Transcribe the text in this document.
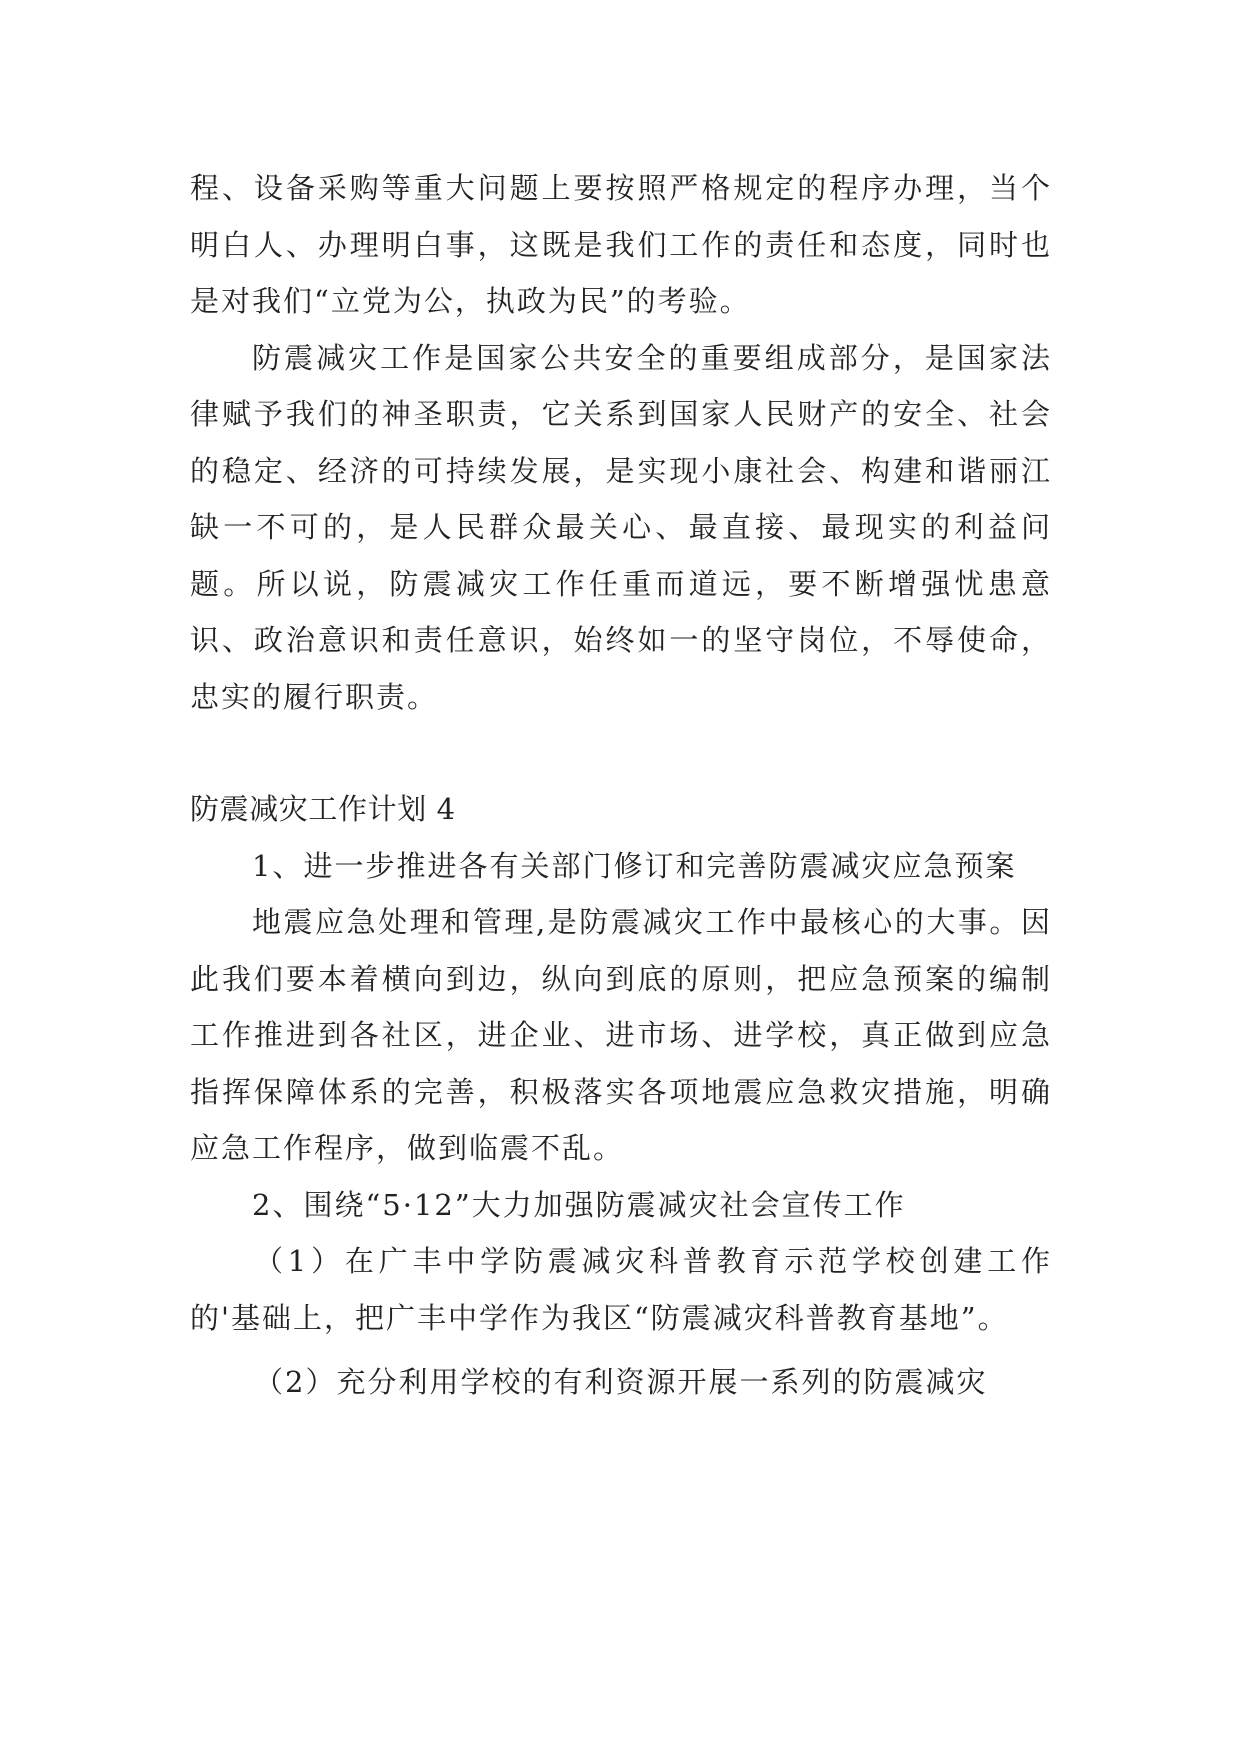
程、设备采购等重大问题上要按照严格规定的程序办理，当个明白人、办理明白事，这既是我们工作的责任和态度，同时也是对我们“立党为公，执政为民”的考验。

防震减灾工作是国家公共安全的重要组成部分，是国家法律赋予我们的神圣职责，它关系到国家人民财产的安全、社会的稳定、经济的可持续发展，是实现小康社会、构建和谐丽江缺一不可的，是人民群众最关心、最直接、最现实的利益问题。所以说，防震减灾工作任重而道远，要不断增强忧患意识、政治意识和责任意识，始终如一的坚守岗位，不辱使命，忠实的履行职责。

防震减灾工作计划 4

1、进一步推进各有关部门修订和完善防震减灾应急预案

地震应急处理和管理,是防震减灾工作中最核心的大事。因此我们要本着横向到边，纵向到底的原则，把应急预案的编制工作推进到各社区，进企业、进市场、进学校，真正做到应急指挥保障体系的完善，积极落实各项地震应急救灾措施，明确应急工作程序，做到临震不乱。

2、围绕“5·12”大力加强防震减灾社会宣传工作

（1）在广丰中学防震减灾科普教育示范学校创建工作的'基础上，把广丰中学作为我区“防震减灾科普教育基地”。

（2）充分利用学校的有利资源开展一系列的防震减灾
